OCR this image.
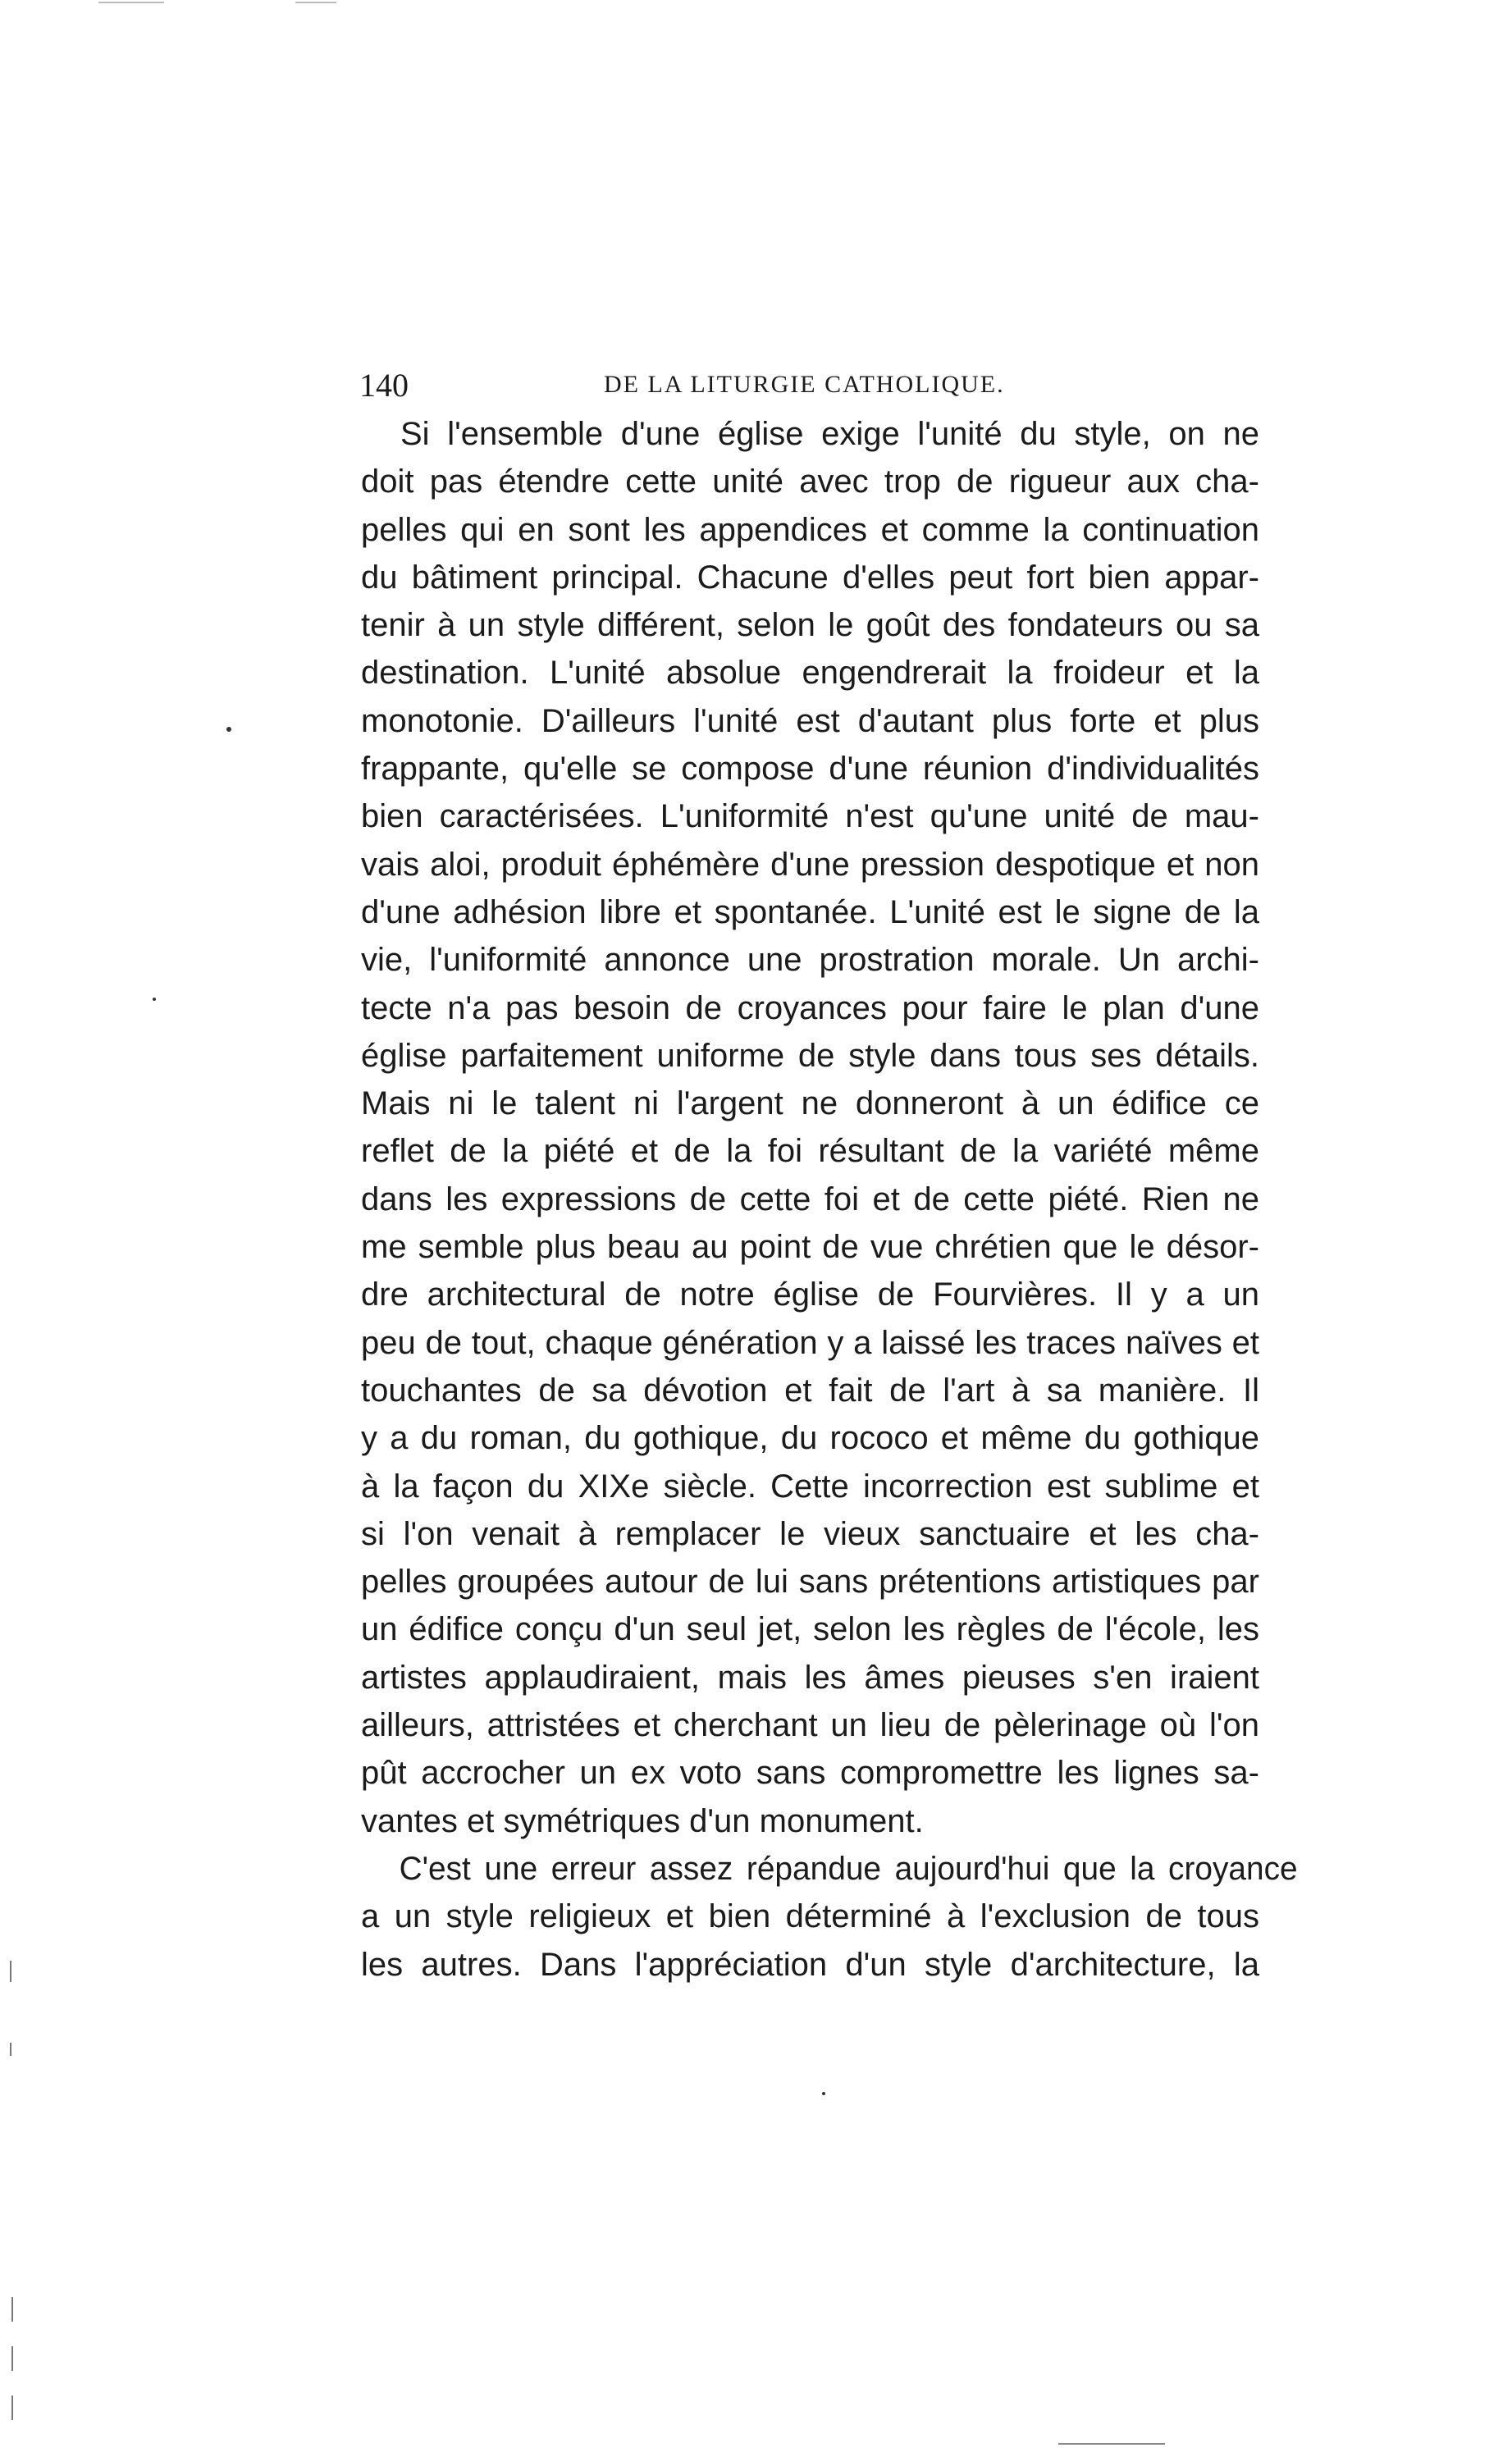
140	DE LA LITURGIE CATHOLIQUE.
Si l'ensemble d'une église exige l'unité du style, on ne
doit pas étendre cette unité avec trop de rigueur aux cha-
pelles qui en sont les appendices et comme la continuation
du bâtiment principal. Chacune d'elles peut fort bien appar-
tenir à un style différent, selon le goût des fondateurs ou sa
destination. L'unité absolue engendrerait la froideur et la
monotonie. D'ailleurs l'unité est d'autant plus forte et plus
frappante, qu'elle se compose d'une réunion d'individualités
bien caractérisées. L'uniformité n'est qu'une unité de mau-
vais aloi, produit éphémère d'une pression despotique et non
d'une adhésion libre et spontanée. L'unité est le signe de la
vie, l'uniformité annonce une prostration morale. Un archi-
tecte n'a pas besoin de croyances pour faire le plan d'une
église parfaitement uniforme de style dans tous ses détails.
Mais ni le talent ni l'argent ne donneront à un édifice ce
reflet de la piété et de la foi résultant de la variété même
dans les expressions de cette foi et de cette piété. Rien ne
me semble plus beau au point de vue chrétien que le désor-
dre architectural de notre église de Fourvières. Il y a un
peu de tout, chaque génération y a laissé les traces naïves et
touchantes de sa dévotion et fait de l'art à sa manière. Il
y a du roman, du gothique, du rococo et même du gothique
à la façon du XIXe siècle. Cette incorrection est sublime et
si l'on venait à remplacer le vieux sanctuaire et les cha-
pelles groupées autour de lui sans prétentions artistiques par
un édifice conçu d'un seul jet, selon les règles de l'école, les
artistes applaudiraient, mais les âmes pieuses s'en iraient
ailleurs, attristées et cherchant un lieu de pèlerinage où l'on
pût accrocher un ex voto sans compromettre les lignes sa-
vantes et symétriques d'un monument.
C'est une erreur assez répandue aujourd'hui que la croyance
a un style religieux et bien déterminé à l'exclusion de tous
les autres. Dans l'appréciation d'un style d'architecture, la
